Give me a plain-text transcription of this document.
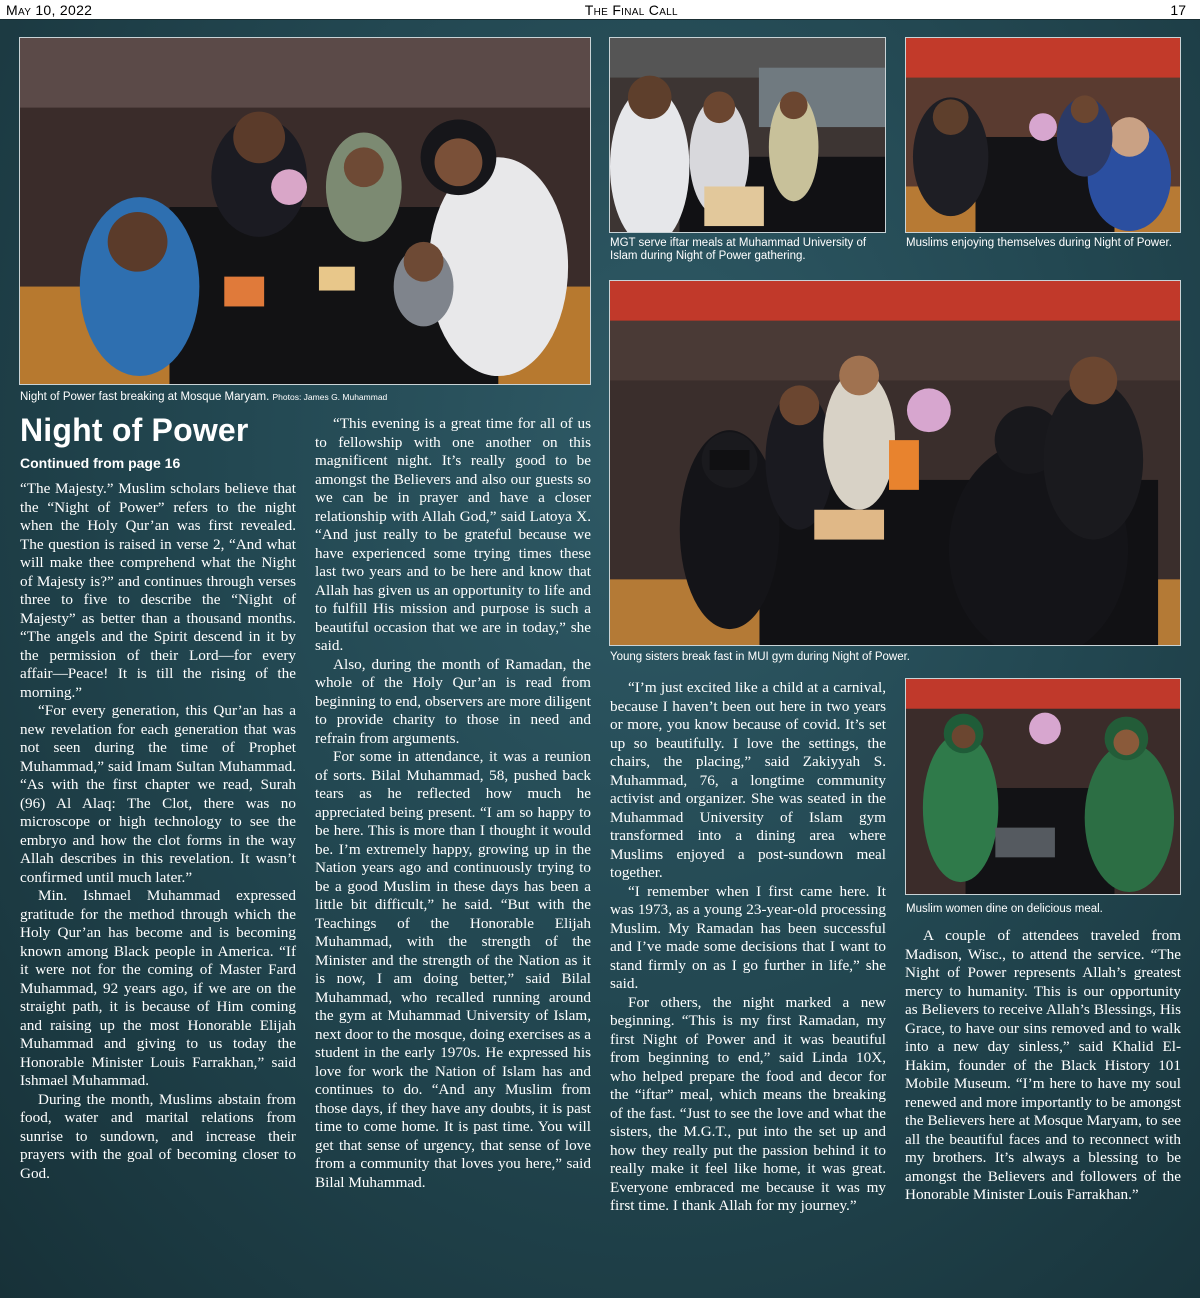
May 10, 2022	The Final Call	17
Night of Power fast breaking at Mosque Maryam. Photos: James G. Muhammad
MGT serve iftar meals at Muhammad University of Islam during Night of Power gathering.
Muslims enjoying themselves during Night of Power.
Young sisters break fast in MUI gym during Night of Power.
Muslim women dine on delicious meal.
Night of Power
Continued from page 16

“The Majesty.” Muslim scholars believe that the “Night of Power” refers to the night when the Holy Qur’an was first revealed. The question is raised in verse 2, “And what will make thee comprehend what the Night of Majesty is?” and continues through verses three to five to describe the “Night of Majesty” as better than a thousand months. “The angels and the Spirit descend in it by the permission of their Lord—for every affair—Peace! It is till the rising of the morning.”

“For every generation, this Qur’an has a new revelation for each generation that was not seen during the time of Prophet Muhammad,” said Imam Sultan Muhammad. “As with the first chapter we read, Surah (96) Al Alaq: The Clot, there was no microscope or high technology to see the embryo and how the clot forms in the way Allah describes in this revelation. It wasn’t confirmed until much later.”

Min. Ishmael Muhammad expressed gratitude for the method through which the Holy Qur’an has become and is becoming known among Black people in America. “If it were not for the coming of Master Fard Muhammad, 92 years ago, if we are on the straight path, it is because of Him coming and raising up the most Honorable Elijah Muhammad and giving to us today the Honorable Minister Louis Farrakhan,” said Ishmael Muhammad.

During the month, Muslims abstain from food, water and marital relations from sunrise to sundown, and increase their prayers with the goal of becoming closer to God.

“This evening is a great time for all of us to fellowship with one another on this magnificent night. It’s really good to be amongst the Believers and also our guests so we can be in prayer and have a closer relationship with Allah God,” said Latoya X. “And just really to be grateful because we have experienced some trying times these last two years and to be here and know that Allah has given us an opportunity to life and to fulfill His mission and purpose is such a beautiful occasion that we are in today,” she said.

Also, during the month of Ramadan, the whole of the Holy Qur’an is read from beginning to end, observers are more diligent to provide charity to those in need and refrain from arguments.

For some in attendance, it was a reunion of sorts. Bilal Muhammad, 58, pushed back tears as he reflected how much he appreciated being present. “I am so happy to be here. This is more than I thought it would be. I’m extremely happy, growing up in the Nation years ago and continuously trying to be a good Muslim in these days has been a little bit difficult,” he said. “But with the Teachings of the Honorable Elijah Muhammad, with the strength of the Minister and the strength of the Nation as it is now, I am doing better,” said Bilal Muhammad, who recalled running around the gym at Muhammad University of Islam, next door to the mosque, doing exercises as a student in the early 1970s. He expressed his love for work the Nation of Islam has and continues to do. “And any Muslim from those days, if they have any doubts, it is past time to come home. It is past time. You will get that sense of urgency, that sense of love from a community that loves you here,” said Bilal Muhammad.

“I’m just excited like a child at a carnival, because I haven’t been out here in two years or more, you know because of covid. It’s set up so beautifully. I love the settings, the chairs, the placing,” said Zakiyyah S. Muhammad, 76, a longtime community activist and organizer. She was seated in the Muhammad University of Islam gym transformed into a dining area where Muslims enjoyed a post-sundown meal together.

“I remember when I first came here. It was 1973, as a young 23-year-old processing Muslim. My Ramadan has been successful and I’ve made some decisions that I want to stand firmly on as I go further in life,” she said.

For others, the night marked a new beginning. “This is my first Ramadan, my first Night of Power and it was beautiful from beginning to end,” said Linda 10X, who helped prepare the food and decor for the “iftar” meal, which means the breaking of the fast. “Just to see the love and what the sisters, the M.G.T., put into the set up and how they really put the passion behind it to really make it feel like home, it was great. Everyone embraced me because it was my first time. I thank Allah for my journey.”

A couple of attendees traveled from Madison, Wisc., to attend the service. “The Night of Power represents Allah’s greatest mercy to humanity. This is our opportunity as Believers to receive Allah’s Blessings, His Grace, to have our sins removed and to walk into a new day sinless,” said Khalid El-Hakim, founder of the Black History 101 Mobile Museum. “I’m here to have my soul renewed and more importantly to be amongst the Believers here at Mosque Maryam, to see all the beautiful faces and to reconnect with my brothers. It’s always a blessing to be amongst the Believers and followers of the Honorable Minister Louis Farrakhan.”
